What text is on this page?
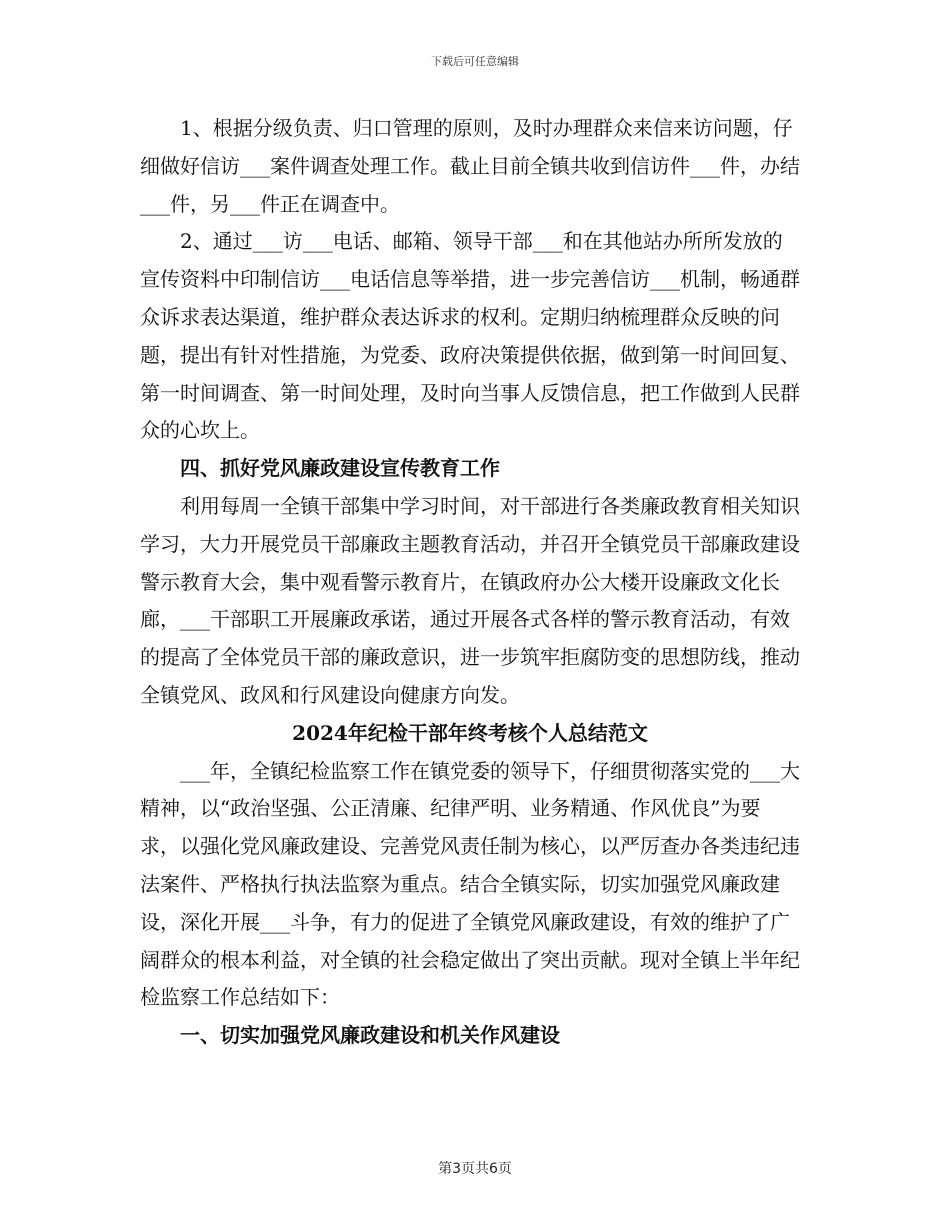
下载后可任意编辑

1、根据分级负责、归口管理的原则，及时办理群众来信来访问题，仔细做好信访___案件调查处理工作。截止目前全镇共收到信访件___件，办结___件，另___件正在调查中。

2、通过___访___电话、邮箱、领导干部___和在其他站办所所发放的宣传资料中印制信访___电话信息等举措，进一步完善信访___机制，畅通群众诉求表达渠道，维护群众表达诉求的权利。定期归纳梳理群众反映的问题，提出有针对性措施，为党委、政府决策提供依据，做到第一时间回复、第一时间调查、第一时间处理，及时向当事人反馈信息，把工作做到人民群众的心坎上。

四、抓好党风廉政建设宣传教育工作

利用每周一全镇干部集中学习时间，对干部进行各类廉政教育相关知识学习，大力开展党员干部廉政主题教育活动，并召开全镇党员干部廉政建设警示教育大会，集中观看警示教育片，在镇政府办公大楼开设廉政文化长廊，___干部职工开展廉政承诺，通过开展各式各样的警示教育活动，有效的提高了全体党员干部的廉政意识，进一步筑牢拒腐防变的思想防线，推动全镇党风、政风和行风建设向健康方向发。

2024年纪检干部年终考核个人总结范文

___年，全镇纪检监察工作在镇党委的领导下，仔细贯彻落实党的___大精神，以“政治坚强、公正清廉、纪律严明、业务精通、作风优良”为要求，以强化党风廉政建设、完善党风责任制为核心，以严厉查办各类违纪违法案件、严格执行执法监察为重点。结合全镇实际，切实加强党风廉政建设，深化开展___斗争，有力的促进了全镇党风廉政建设，有效的维护了广阔群众的根本利益，对全镇的社会稳定做出了突出贡献。现对全镇上半年纪检监察工作总结如下：

一、切实加强党风廉政建设和机关作风建设

第3页共6页
